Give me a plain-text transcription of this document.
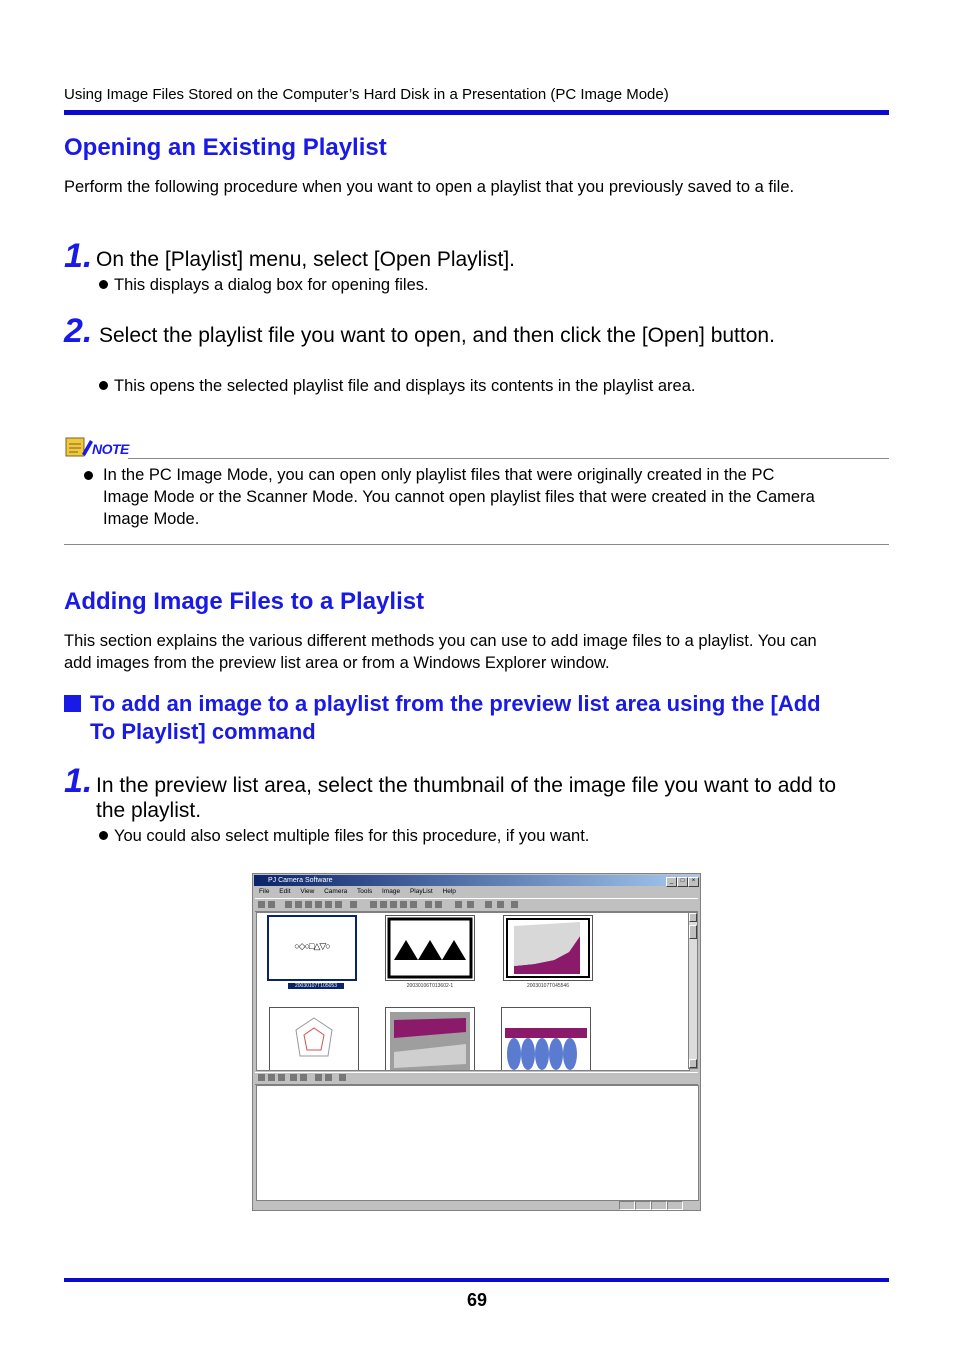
Using Image Files Stored on the Computer’s Hard Disk in a Presentation (PC Image Mode)
Opening an Existing Playlist
Perform the following procedure when you want to open a playlist that you previously saved to a file.
1. On the [Playlist] menu, select [Open Playlist].
This displays a dialog box for opening files.
2. Select the playlist file you want to open, and then click the [Open] button.
This opens the selected playlist file and displays its contents in the playlist area.
NOTE
In the PC Image Mode, you can open only playlist files that were originally created in the PC Image Mode or the Scanner Mode. You cannot open playlist files that were created in the Camera Image Mode.
Adding Image Files to a Playlist
This section explains the various different methods you can use to add image files to a playlist. You can add images from the preview list area or from a Windows Explorer window.
To add an image to a playlist from the preview list area using the [Add To Playlist] command
1. In the preview list area, select the thumbnail of the image file you want to add to the playlist.
You could also select multiple files for this procedure, if you want.
PJ Camera Software	_	□	×
File Edit View Camera Tools Image PlayList Help
○◇○□△▽○
20030107T105053	20030106T013602-1	20030107T045546
69
